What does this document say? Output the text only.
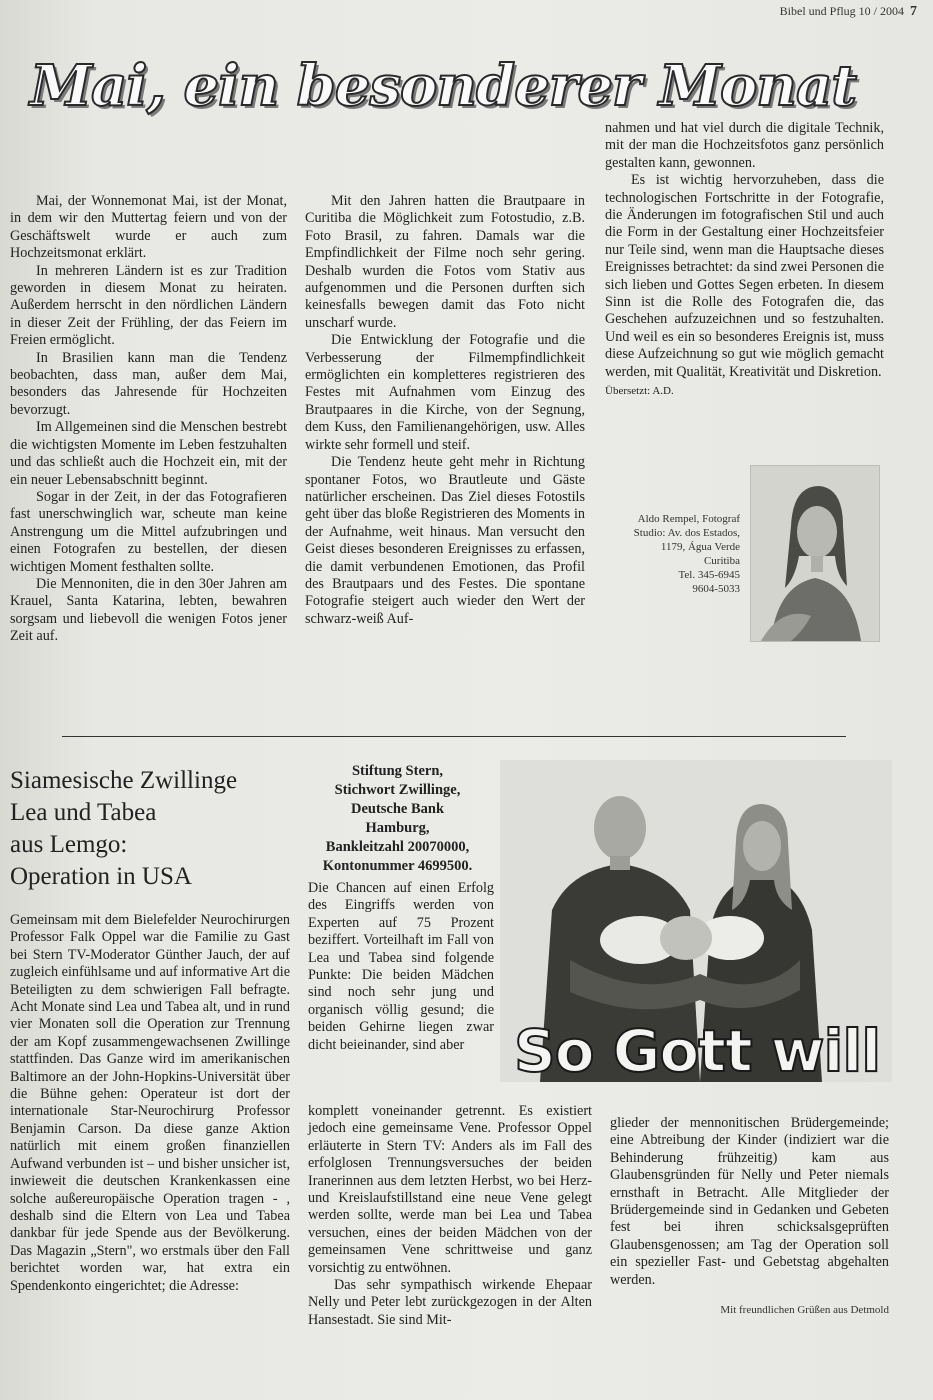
Bibel und Pflug 10 / 2004 7
Mai, ein besonderer Monat

Mai, der Wonnemonat Mai, ist der Monat, in dem wir den Muttertag feiern und von der Geschäftswelt wurde er auch zum Hochzeitsmonat erklärt.

In mehreren Ländern ist es zur Tradition geworden in diesem Monat zu heiraten. Außerdem herrscht in den nördlichen Ländern in dieser Zeit der Frühling, der das Feiern im Freien ermöglicht.

In Brasilien kann man die Tendenz beobachten, dass man, außer dem Mai, besonders das Jahresende für Hochzeiten bevorzugt.

Im Allgemeinen sind die Menschen bestrebt die wichtigsten Momente im Leben festzuhalten und das schließt auch die Hochzeit ein, mit der ein neuer Lebensabschnitt beginnt.

Sogar in der Zeit, in der das Fotografieren fast unerschwinglich war, scheute man keine Anstrengung um die Mittel aufzubringen und einen Fotografen zu bestellen, der diesen wichtigen Moment festhalten sollte.

Die Mennoniten, die in den 30er Jahren am Krauel, Santa Katarina, lebten, bewahren sorgsam und liebevoll die wenigen Fotos jener Zeit auf.

Mit den Jahren hatten die Brautpaare in Curitiba die Möglichkeit zum Fotostudio, z.B. Foto Brasil, zu fahren. Damals war die Empfindlichkeit der Filme noch sehr gering. Deshalb wurden die Fotos vom Stativ aus aufgenommen und die Personen durften sich keinesfalls bewegen damit das Foto nicht unscharf wurde.

Die Entwicklung der Fotografie und die Verbesserung der Filmempfindlichkeit ermöglichten ein kompletteres registrieren des Festes mit Aufnahmen vom Einzug des Brautpaares in die Kirche, von der Segnung, dem Kuss, den Familienangehörigen, usw. Alles wirkte sehr formell und steif.

Die Tendenz heute geht mehr in Richtung spontaner Fotos, wo Brautleute und Gäste natürlicher erscheinen. Das Ziel dieses Fotostils geht über das bloße Registrieren des Moments in der Aufnahme, weit hinaus. Man versucht den Geist dieses besonderen Ereignisses zu erfassen, die damit verbundenen Emotionen, das Profil des Brautpaars und des Festes. Die spontane Fotografie steigert auch wieder den Wert der schwarz-weiß Auf-

nahmen und hat viel durch die digitale Technik, mit der man die Hochzeitsfotos ganz persönlich gestalten kann, gewonnen.

Es ist wichtig hervorzuheben, dass die technologischen Fortschritte in der Fotografie, die Änderungen im fotografischen Stil und auch die Form in der Gestaltung einer Hochzeitsfeier nur Teile sind, wenn man die Hauptsache dieses Ereignisses betrachtet: da sind zwei Personen die sich lieben und Gottes Segen erbeten. In diesem Sinn ist die Rolle des Fotografen die, das Geschehen aufzuzeichnen und so festzuhalten. Und weil es ein so besonderes Ereignis ist, muss diese Aufzeichnung so gut wie möglich gemacht werden, mit Qualität, Kreativität und Diskretion.

Übersetzt: A.D.
Aldo Rempel, Fotograf
Studio: Av. dos Estados,
1179, Água Verde
Curitiba
Tel. 345-6945
9604-5033
Siamesische Zwillinge
Lea und Tabea
aus Lemgo:
Operation in USA
Stiftung Stern,
Stichwort Zwillinge,
Deutsche Bank
Hamburg,
Bankleitzahl 20070000,
Kontonummer 4699500.

Gemeinsam mit dem Bielefelder Neurochirurgen Professor Falk Oppel war die Familie zu Gast bei Stern TV-Moderator Günther Jauch, der auf zugleich einfühlsame und auf informative Art die Beteiligten zu dem schwierigen Fall befragte. Acht Monate sind Lea und Tabea alt, und in rund vier Monaten soll die Operation zur Trennung der am Kopf zusammengewachsenen Zwillinge stattfinden. Das Ganze wird im amerikanischen Baltimore an der John-Hopkins-Universität über die Bühne gehen: Operateur ist dort der internationale Star-Neurochirurg Professor Benjamin Carson. Da diese ganze Aktion natürlich mit einem großen finanziellen Aufwand verbunden ist – und bisher unsicher ist, inwieweit die deutschen Krankenkassen eine solche außereuropäische Operation tragen - , deshalb sind die Eltern von Lea und Tabea dankbar für jede Spende aus der Bevölkerung. Das Magazin „Stern", wo erstmals über den Fall berichtet worden war, hat extra ein Spendenkonto eingerichtet; die Adresse:

Die Chancen auf einen Erfolg des Eingriffs werden von Experten auf 75 Prozent beziffert. Vorteilhaft im Fall von Lea und Tabea sind folgende Punkte: Die beiden Mädchen sind noch sehr jung und organisch völlig gesund; die beiden Gehirne liegen zwar dicht beieinander, sind aber

komplett voneinander getrennt. Es existiert jedoch eine gemeinsame Vene. Professor Oppel erläuterte in Stern TV: Anders als im Fall des erfolglosen Trennungsversuches der beiden Iranerinnen aus dem letzten Herbst, wo bei Herz- und Kreislaufstillstand eine neue Vene gelegt werden sollte, werde man bei Lea und Tabea versuchen, eines der beiden Mädchen von der gemeinsamen Vene schrittweise und ganz vorsichtig zu entwöhnen.

Das sehr sympathisch wirkende Ehepaar Nelly und Peter lebt zurückgezogen in der Alten Hansestadt. Sie sind Mit-

glieder der mennonitischen Brüdergemeinde; eine Abtreibung der Kinder (indiziert war die Behinderung frühzeitig) kam aus Glaubensgründen für Nelly und Peter niemals ernsthaft in Betracht. Alle Mitglieder der Brüdergemeinde sind in Gedanken und Gebeten fest bei ihren schicksalsgeprüften Glaubensgenossen; am Tag der Operation soll ein spezieller Fast- und Gebetstag abgehalten werden.

Mit freundlichen Grüßen aus Detmold
So Gott will
